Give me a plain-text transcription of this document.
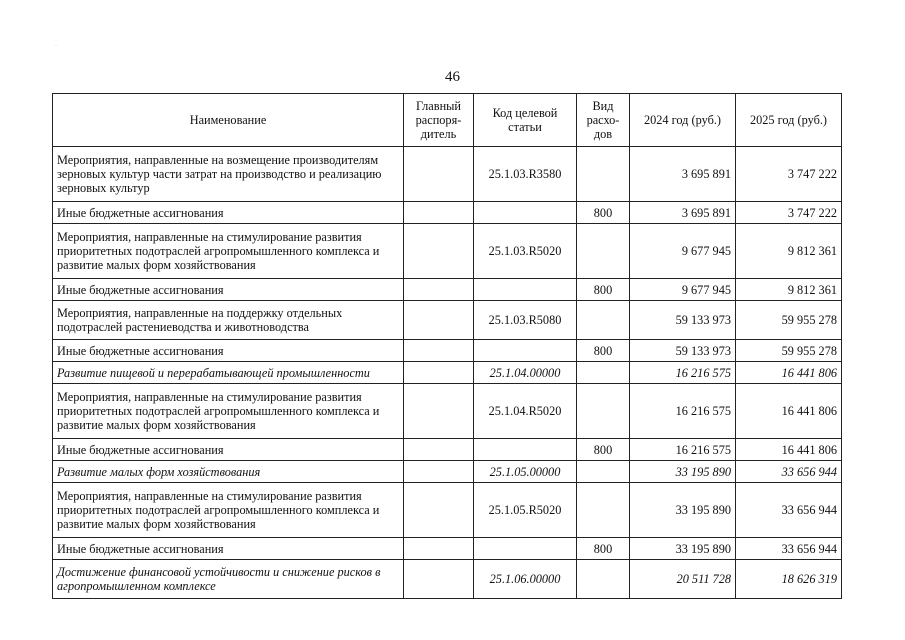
·
46
Наименование	Главный распоря-дитель	Код целевой статьи	Вид расхо-дов	2024 год (руб.)	2025 год (руб.)
Мероприятия, направленные на возмещение производителям зерновых культур части затрат на производство и реализацию зерновых культур		25.1.03.R3580		3 695 891	3 747 222
Иные бюджетные ассигнования			800	3 695 891	3 747 222
Мероприятия, направленные на стимулирование развития приоритетных подотраслей агропромышленного комплекса и развитие малых форм хозяйствования		25.1.03.R5020		9 677 945	9 812 361
Иные бюджетные ассигнования			800	9 677 945	9 812 361
Мероприятия, направленные на поддержку отдельных подотраслей растениеводства и животноводства		25.1.03.R5080		59 133 973	59 955 278
Иные бюджетные ассигнования			800	59 133 973	59 955 278
Развитие пищевой и перерабатывающей промышленности		25.1.04.00000		16 216 575	16 441 806
Мероприятия, направленные на стимулирование развития приоритетных подотраслей агропромышленного комплекса и развитие малых форм хозяйствования		25.1.04.R5020		16 216 575	16 441 806
Иные бюджетные ассигнования			800	16 216 575	16 441 806
Развитие малых форм хозяйствования		25.1.05.00000		33 195 890	33 656 944
Мероприятия, направленные на стимулирование развития приоритетных подотраслей агропромышленного комплекса и развитие малых форм хозяйствования		25.1.05.R5020		33 195 890	33 656 944
Иные бюджетные ассигнования			800	33 195 890	33 656 944
Достижение финансовой устойчивости и снижение рисков в агропромышленном комплексе		25.1.06.00000		20 511 728	18 626 319
